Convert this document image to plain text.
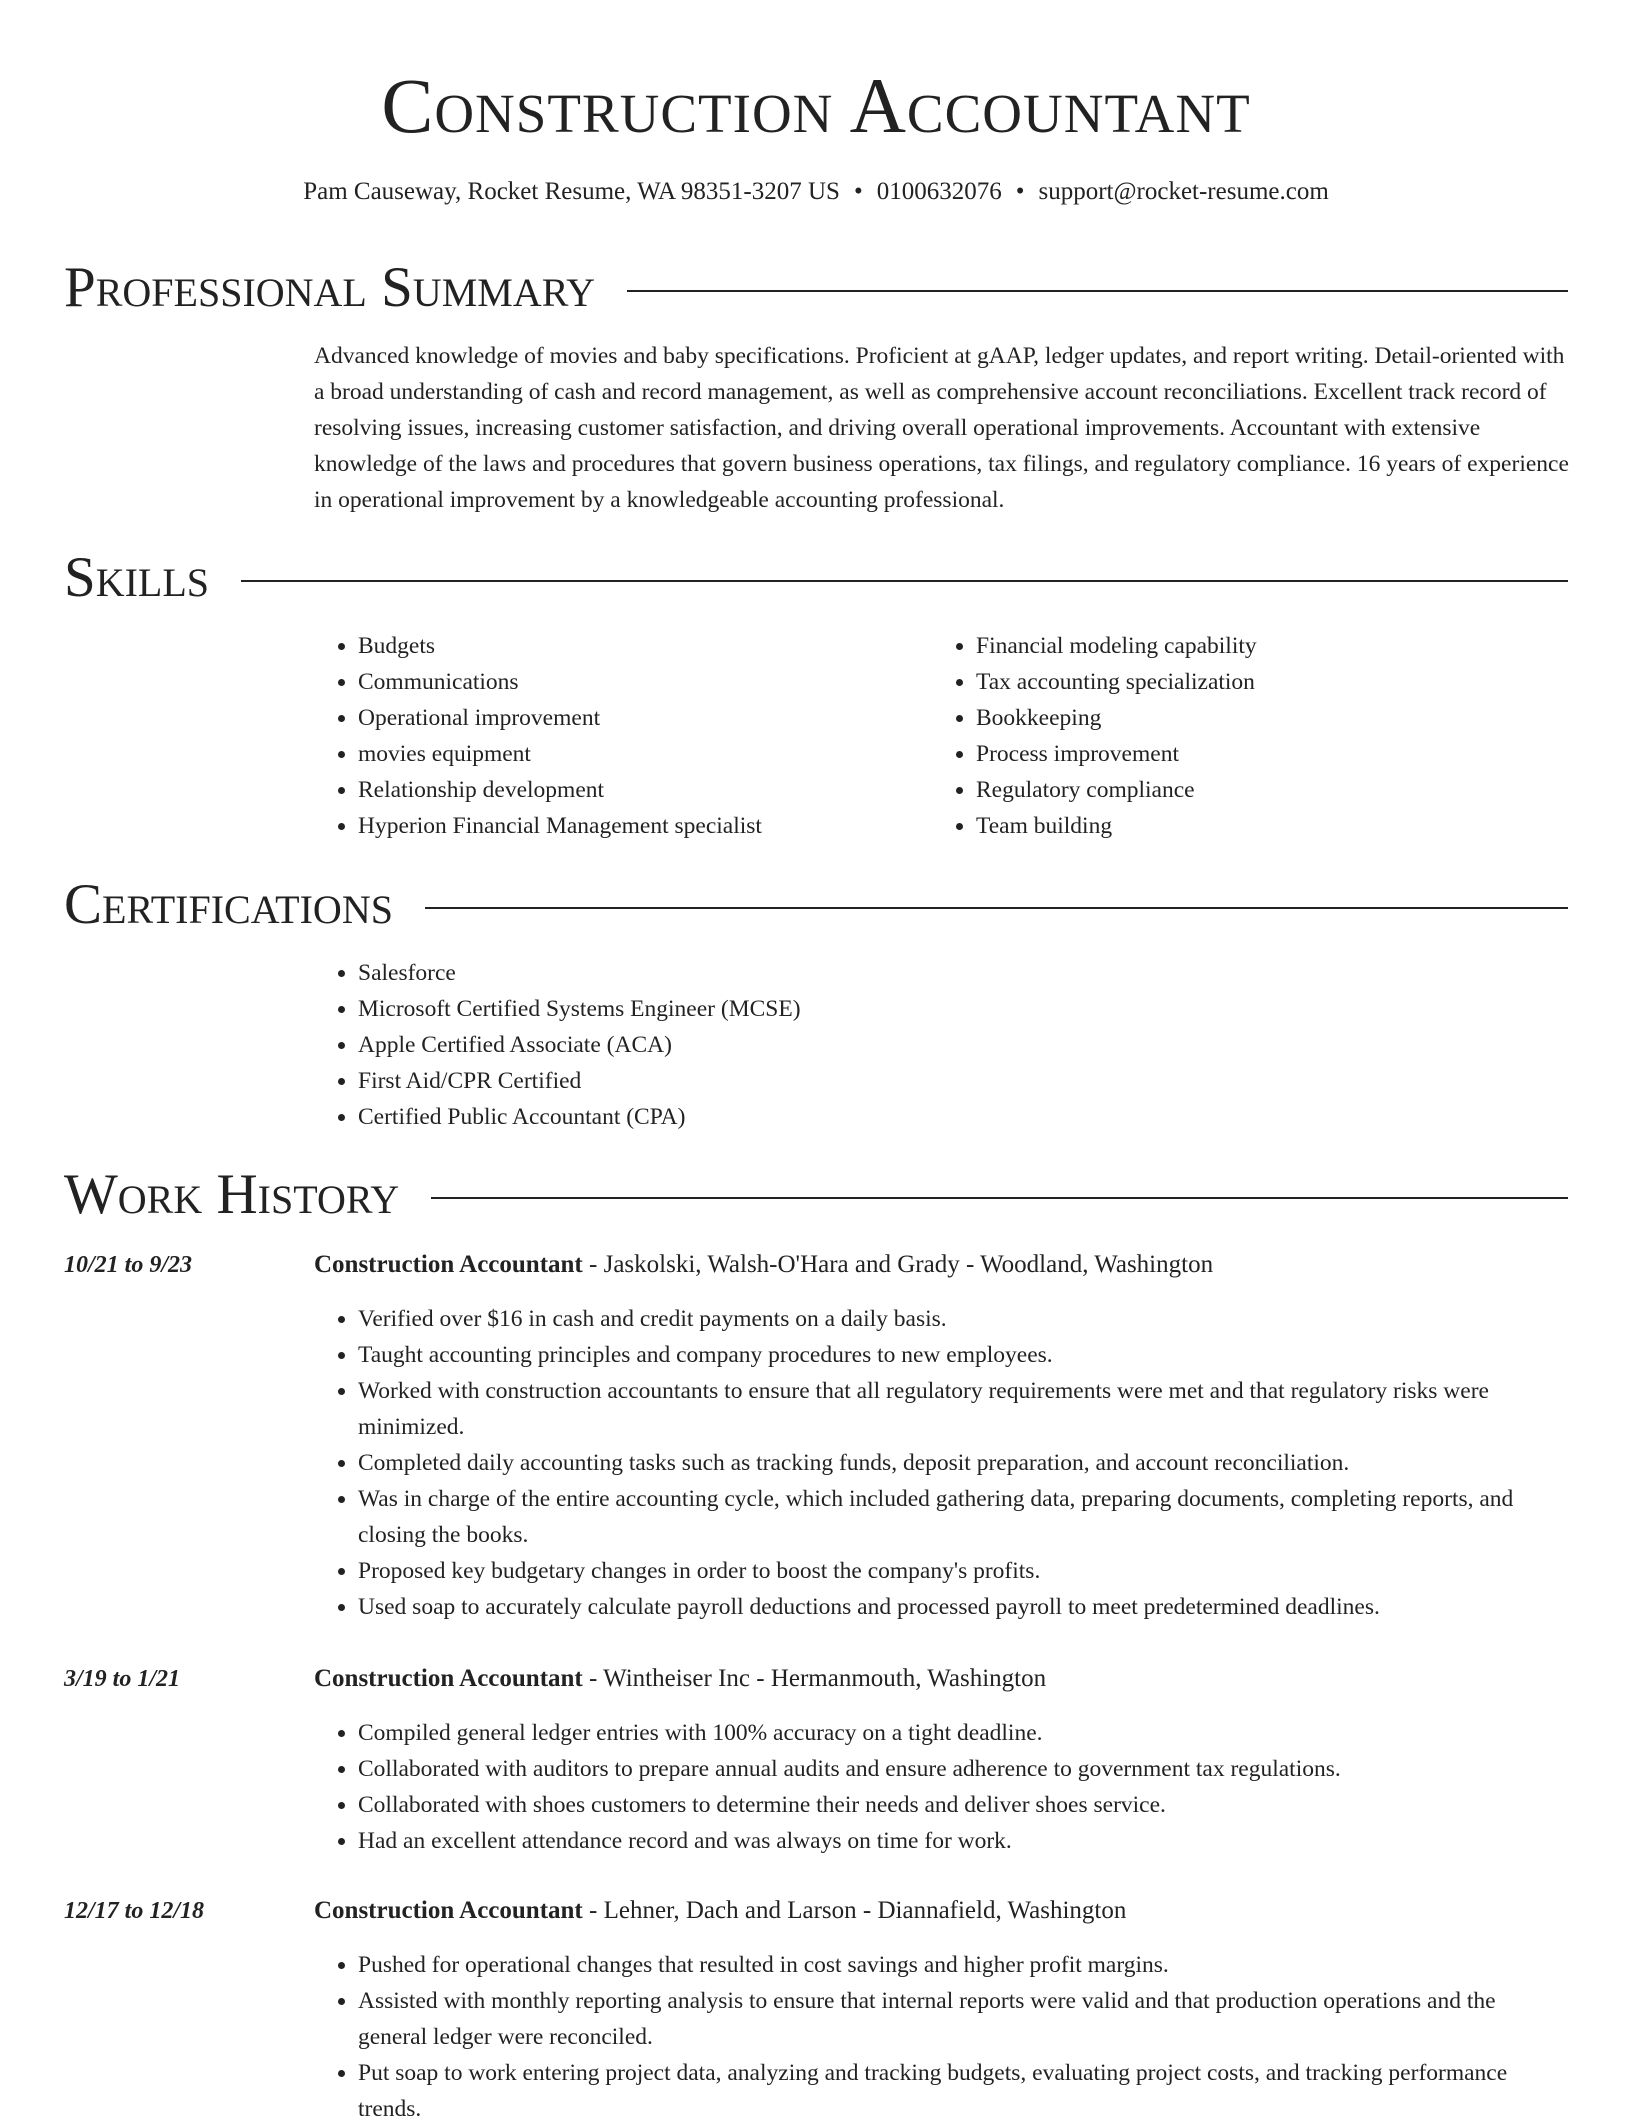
Construction Accountant
Pam Causeway, Rocket Resume, WA 98351-3207 US • 0100632076 • support@rocket-resume.com
Professional Summary

Advanced knowledge of movies and baby specifications. Proficient at gAAP, ledger updates, and report writing. Detail-oriented with a broad understanding of cash and record management, as well as comprehensive account reconciliations. Excellent track record of resolving issues, increasing customer satisfaction, and driving overall operational improvements. Accountant with extensive knowledge of the laws and procedures that govern business operations, tax filings, and regulatory compliance. 16 years of experience in operational improvement by a knowledgeable accounting professional.

Skills
• Budgets
• Communications
• Operational improvement
• movies equipment
• Relationship development
• Hyperion Financial Management specialist
• Financial modeling capability
• Tax accounting specialization
• Bookkeeping
• Process improvement
• Regulatory compliance
• Team building
Certifications
• Salesforce
• Microsoft Certified Systems Engineer (MCSE)
• Apple Certified Associate (ACA)
• First Aid/CPR Certified
• Certified Public Accountant (CPA)
Work History
10/21 to 9/23	Construction Accountant - Jaskolski, Walsh-O'Hara and Grady - Woodland, Washington
• Verified over $16 in cash and credit payments on a daily basis.
• Taught accounting principles and company procedures to new employees.
• Worked with construction accountants to ensure that all regulatory requirements were met and that regulatory risks were minimized.
• Completed daily accounting tasks such as tracking funds, deposit preparation, and account reconciliation.
• Was in charge of the entire accounting cycle, which included gathering data, preparing documents, completing reports, and closing the books.
• Proposed key budgetary changes in order to boost the company's profits.
• Used soap to accurately calculate payroll deductions and processed payroll to meet predetermined deadlines.
3/19 to 1/21	Construction Accountant - Wintheiser Inc - Hermanmouth, Washington
• Compiled general ledger entries with 100% accuracy on a tight deadline.
• Collaborated with auditors to prepare annual audits and ensure adherence to government tax regulations.
• Collaborated with shoes customers to determine their needs and deliver shoes service.
• Had an excellent attendance record and was always on time for work.
12/17 to 12/18	Construction Accountant - Lehner, Dach and Larson - Diannafield, Washington
• Pushed for operational changes that resulted in cost savings and higher profit margins.
• Assisted with monthly reporting analysis to ensure that internal reports were valid and that production operations and the general ledger were reconciled.
• Put soap to work entering project data, analyzing and tracking budgets, evaluating project costs, and tracking performance trends.
